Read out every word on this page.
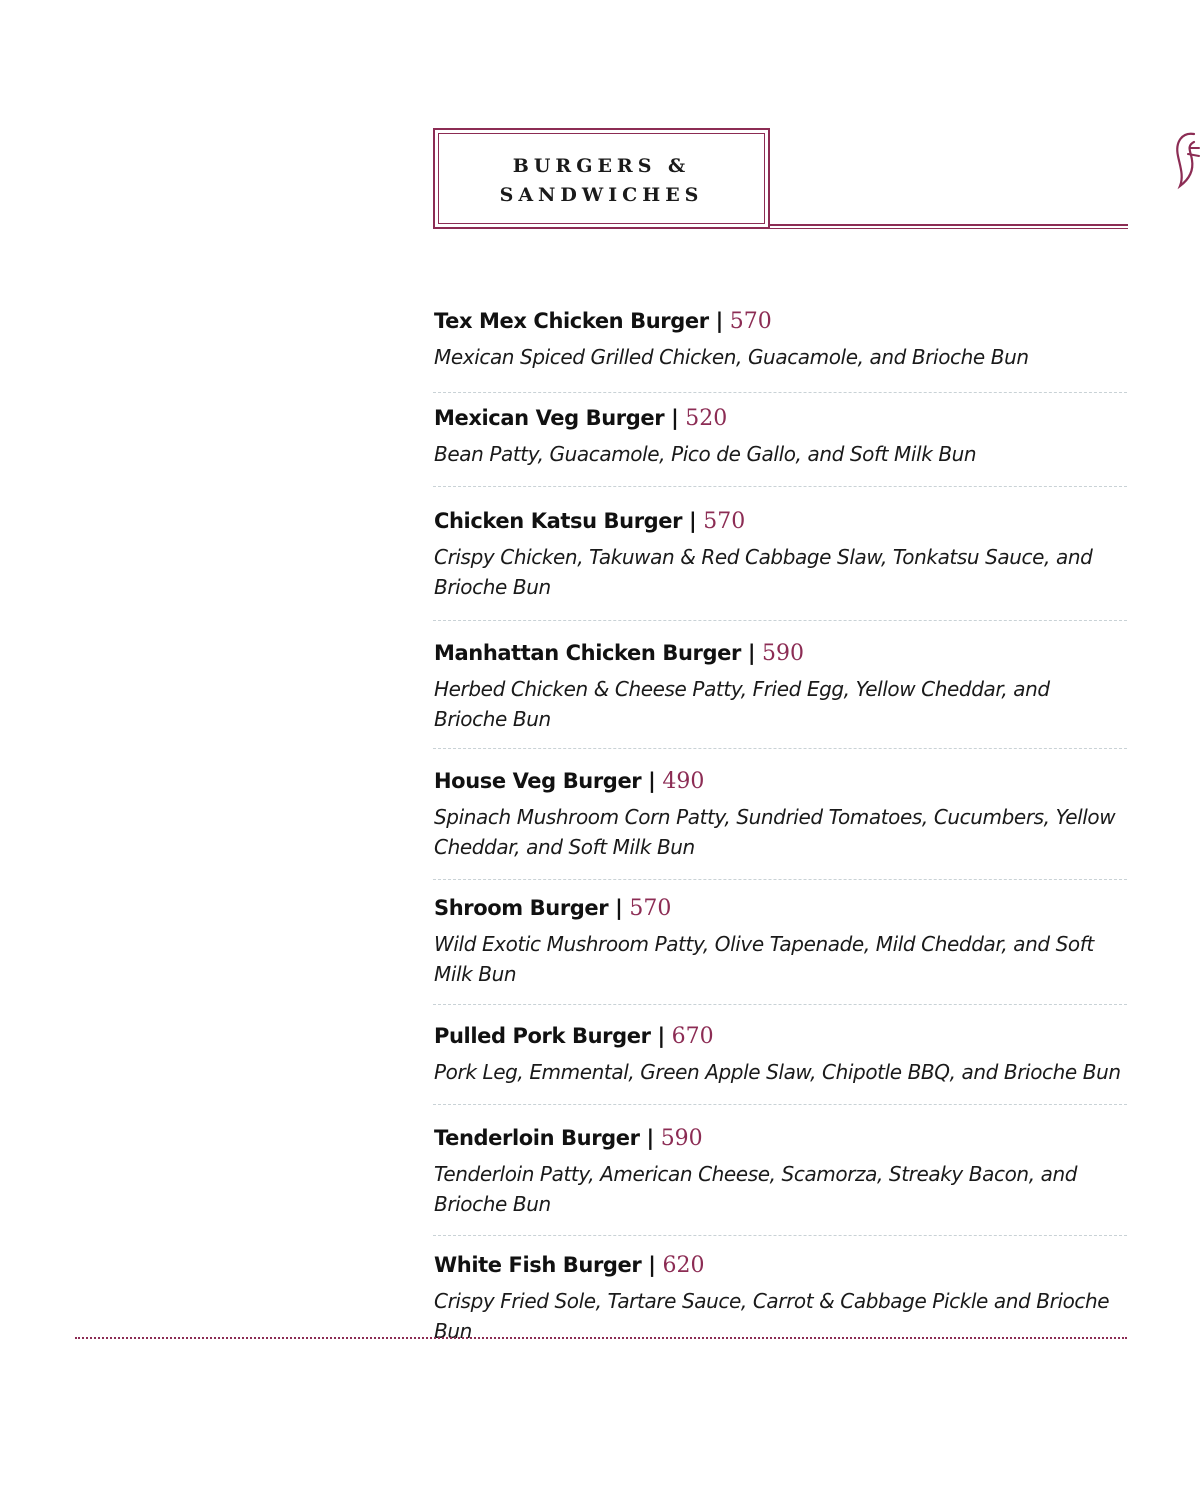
BURGERS &
SANDWICHES
Tex Mex Chicken Burger | 570
Mexican Spiced Grilled Chicken, Guacamole, and Brioche Bun
Mexican Veg Burger | 520
Bean Patty, Guacamole, Pico de Gallo, and Soft Milk Bun
Chicken Katsu Burger | 570
Crispy Chicken, Takuwan & Red Cabbage Slaw, Tonkatsu Sauce, and Brioche Bun
Manhattan Chicken Burger | 590
Herbed Chicken & Cheese Patty, Fried Egg, Yellow Cheddar, and Brioche Bun
House Veg Burger | 490
Spinach Mushroom Corn Patty, Sundried Tomatoes, Cucumbers, Yellow Cheddar, and Soft Milk Bun
Shroom Burger | 570
Wild Exotic Mushroom Patty, Olive Tapenade, Mild Cheddar, and Soft Milk Bun
Pulled Pork Burger | 670
Pork Leg, Emmental, Green Apple Slaw, Chipotle BBQ, and Brioche Bun
Tenderloin Burger | 590
Tenderloin Patty, American Cheese, Scamorza, Streaky Bacon, and Brioche Bun
White Fish Burger | 620
Crispy Fried Sole, Tartare Sauce, Carrot & Cabbage Pickle and Brioche Bun
